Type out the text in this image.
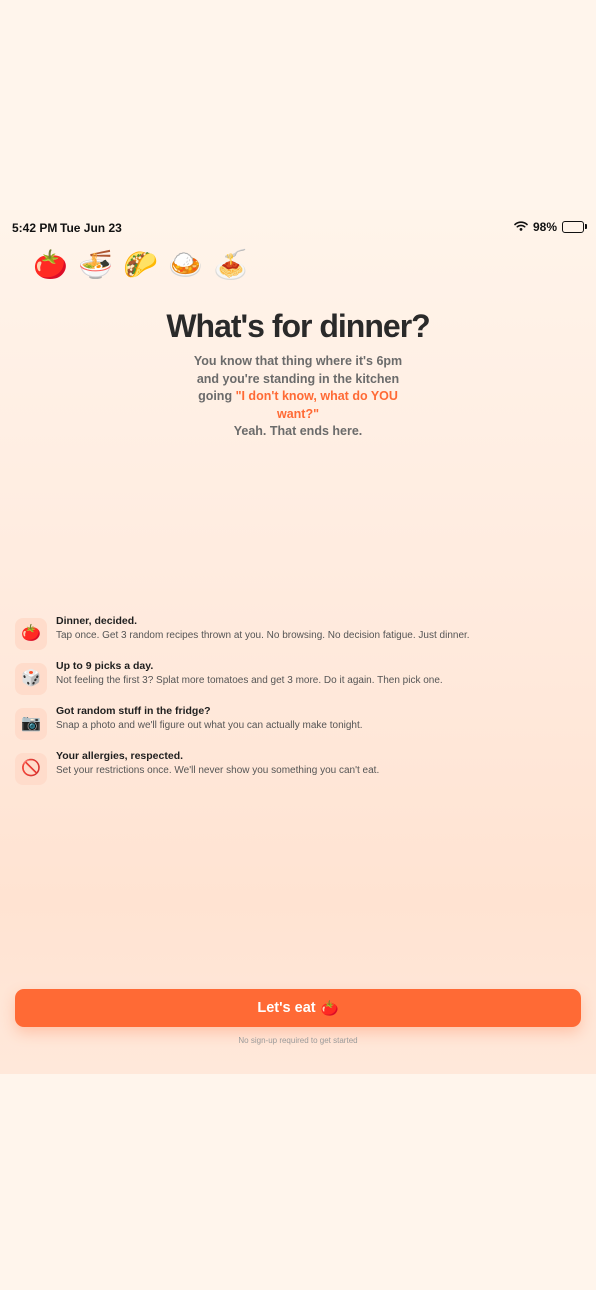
5:42 PM Tue Jun 23	98%
🍅 🍜 🌮 🍛 🍝
What's for dinner?
You know that thing where it's 6pm and you're standing in the kitchen going "I don't know, what do YOU want?"
Yeah. That ends here.
🍅
Dinner, decided.
Tap once. Get 3 random recipes thrown at you. No browsing. No decision fatigue. Just dinner.
🎲
Up to 9 picks a day.
Not feeling the first 3? Splat more tomatoes and get 3 more. Do it again. Then pick one.
📷
Got random stuff in the fridge?
Snap a photo and we'll figure out what you can actually make tonight.
🚫
Your allergies, respected.
Set your restrictions once. We'll never show you something you can't eat.
Let's eat 🍅
No sign-up required to get started
